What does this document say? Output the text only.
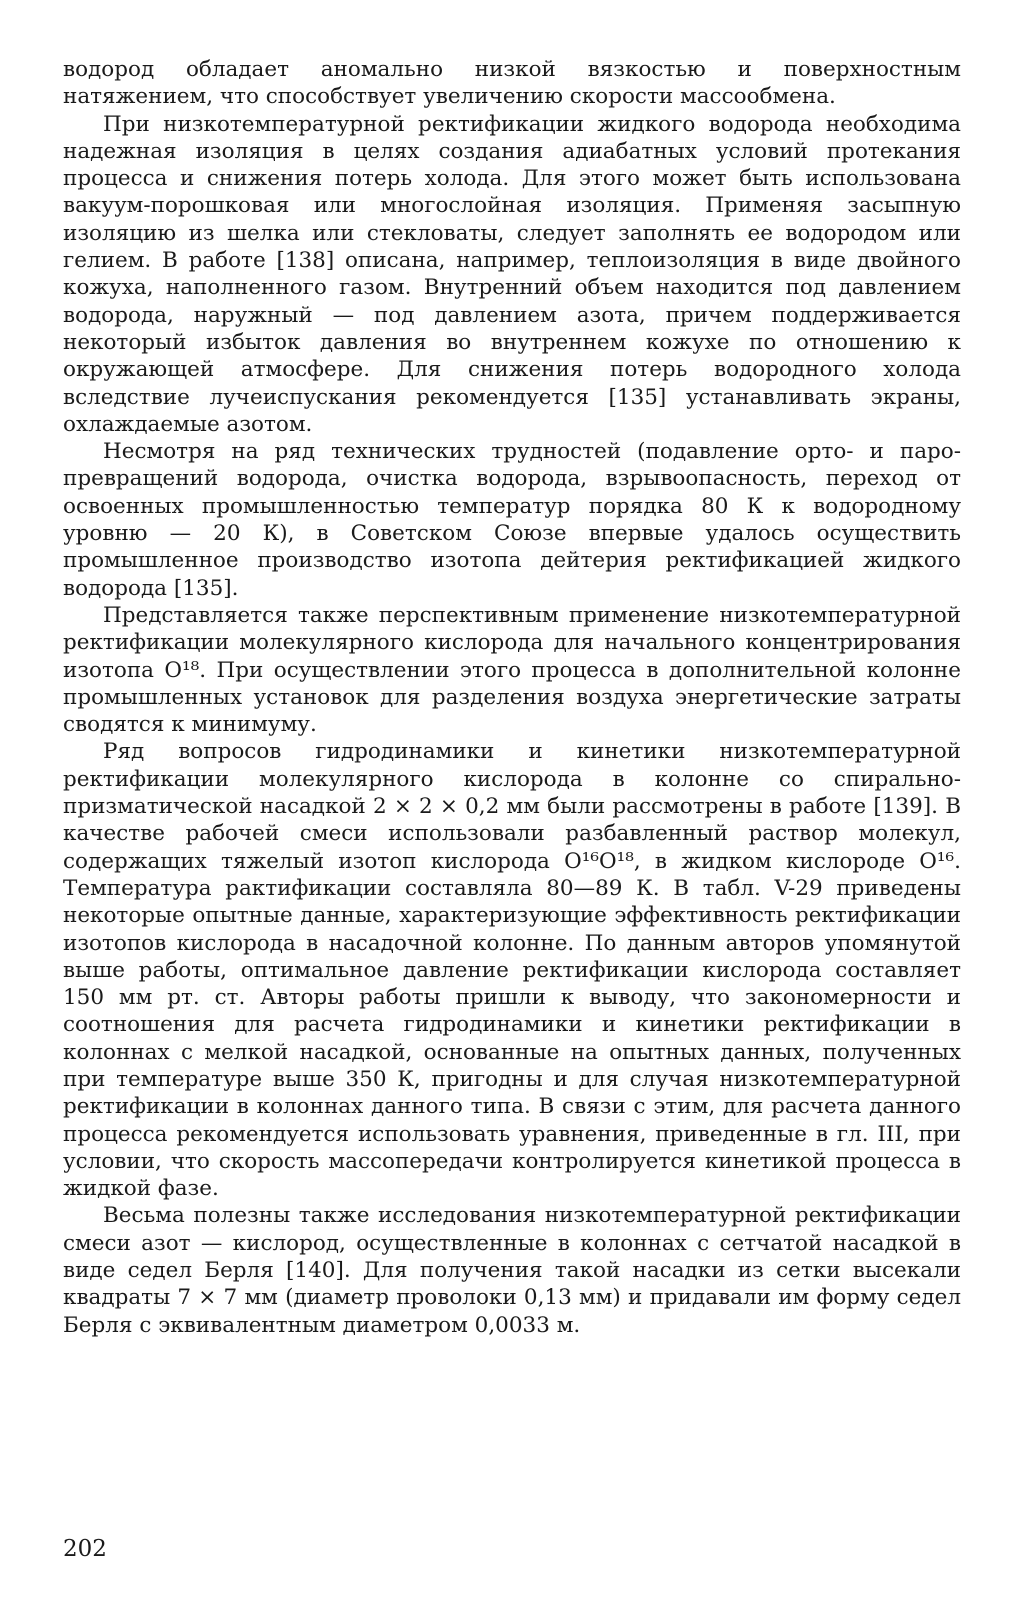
водород обладает аномально низкой вязкостью и поверхностным натяжением, что способствует увеличению скорости массообмена.

При низкотемпературной ректификации жидкого водорода необходима надежная изоляция в целях создания адиабатных условий протекания процесса и снижения потерь холода. Для этого может быть использована вакуум-порошковая или многослойная изоляция. Применяя засыпную изоляцию из шелка или стекловаты, следует заполнять ее водородом или гелием. В работе [138] описана, например, теплоизоляция в виде двойного кожуха, наполненного газом. Внутренний объем находится под давлением водорода, наружный — под давлением азота, причем поддерживается некоторый избыток давления во внутреннем кожухе по отношению к окружающей атмосфере. Для снижения потерь водородного холода вследствие лучеиспускания рекомендуется [135] устанавливать экраны, охлаждаемые азотом.

Несмотря на ряд технических трудностей (подавление орто- и паро-превращений водорода, очистка водорода, взрывоопасность, переход от освоенных промышленностью температур порядка 80 К к водородному уровню — 20 К), в Советском Союзе впервые удалось осуществить промышленное производство изотопа дейтерия ректификацией жидкого водорода [135].

Представляется также перспективным применение низкотемпературной ректификации молекулярного кислорода для начального концентрирования изотопа O¹⁸. При осуществлении этого процесса в дополнительной колонне промышленных установок для разделения воздуха энергетические затраты сводятся к минимуму.

Ряд вопросов гидродинамики и кинетики низкотемпературной ректификации молекулярного кислорода в колонне со спирально-призматической насадкой 2 × 2 × 0,2 мм были рассмотрены в работе [139]. В качестве рабочей смеси использовали разбавленный раствор молекул, содержащих тяжелый изотоп кислорода O¹⁶O¹⁸, в жидком кислороде O¹⁶. Температура рактификации составляла 80—89 К. В табл. V-29 приведены некоторые опытные данные, характеризующие эффективность ректификации изотопов кислорода в насадочной колонне. По данным авторов упомянутой выше работы, оптимальное давление ректификации кислорода составляет 150 мм рт. ст. Авторы работы пришли к выводу, что закономерности и соотношения для расчета гидродинамики и кинетики ректификации в колоннах с мелкой насадкой, основанные на опытных данных, полученных при температуре выше 350 К, пригодны и для случая низкотемпературной ректификации в колоннах данного типа. В связи с этим, для расчета данного процесса рекомендуется использовать уравнения, приведенные в гл. III, при условии, что скорость массопередачи контролируется кинетикой процесса в жидкой фазе.

Весьма полезны также исследования низкотемпературной ректификации смеси азот — кислород, осуществленные в колоннах с сетчатой насадкой в виде седел Берля [140]. Для получения такой насадки из сетки высекали квадраты 7 × 7 мм (диаметр проволоки 0,13 мм) и придавали им форму седел Берля с эквивалентным диаметром 0,0033 м.

202
